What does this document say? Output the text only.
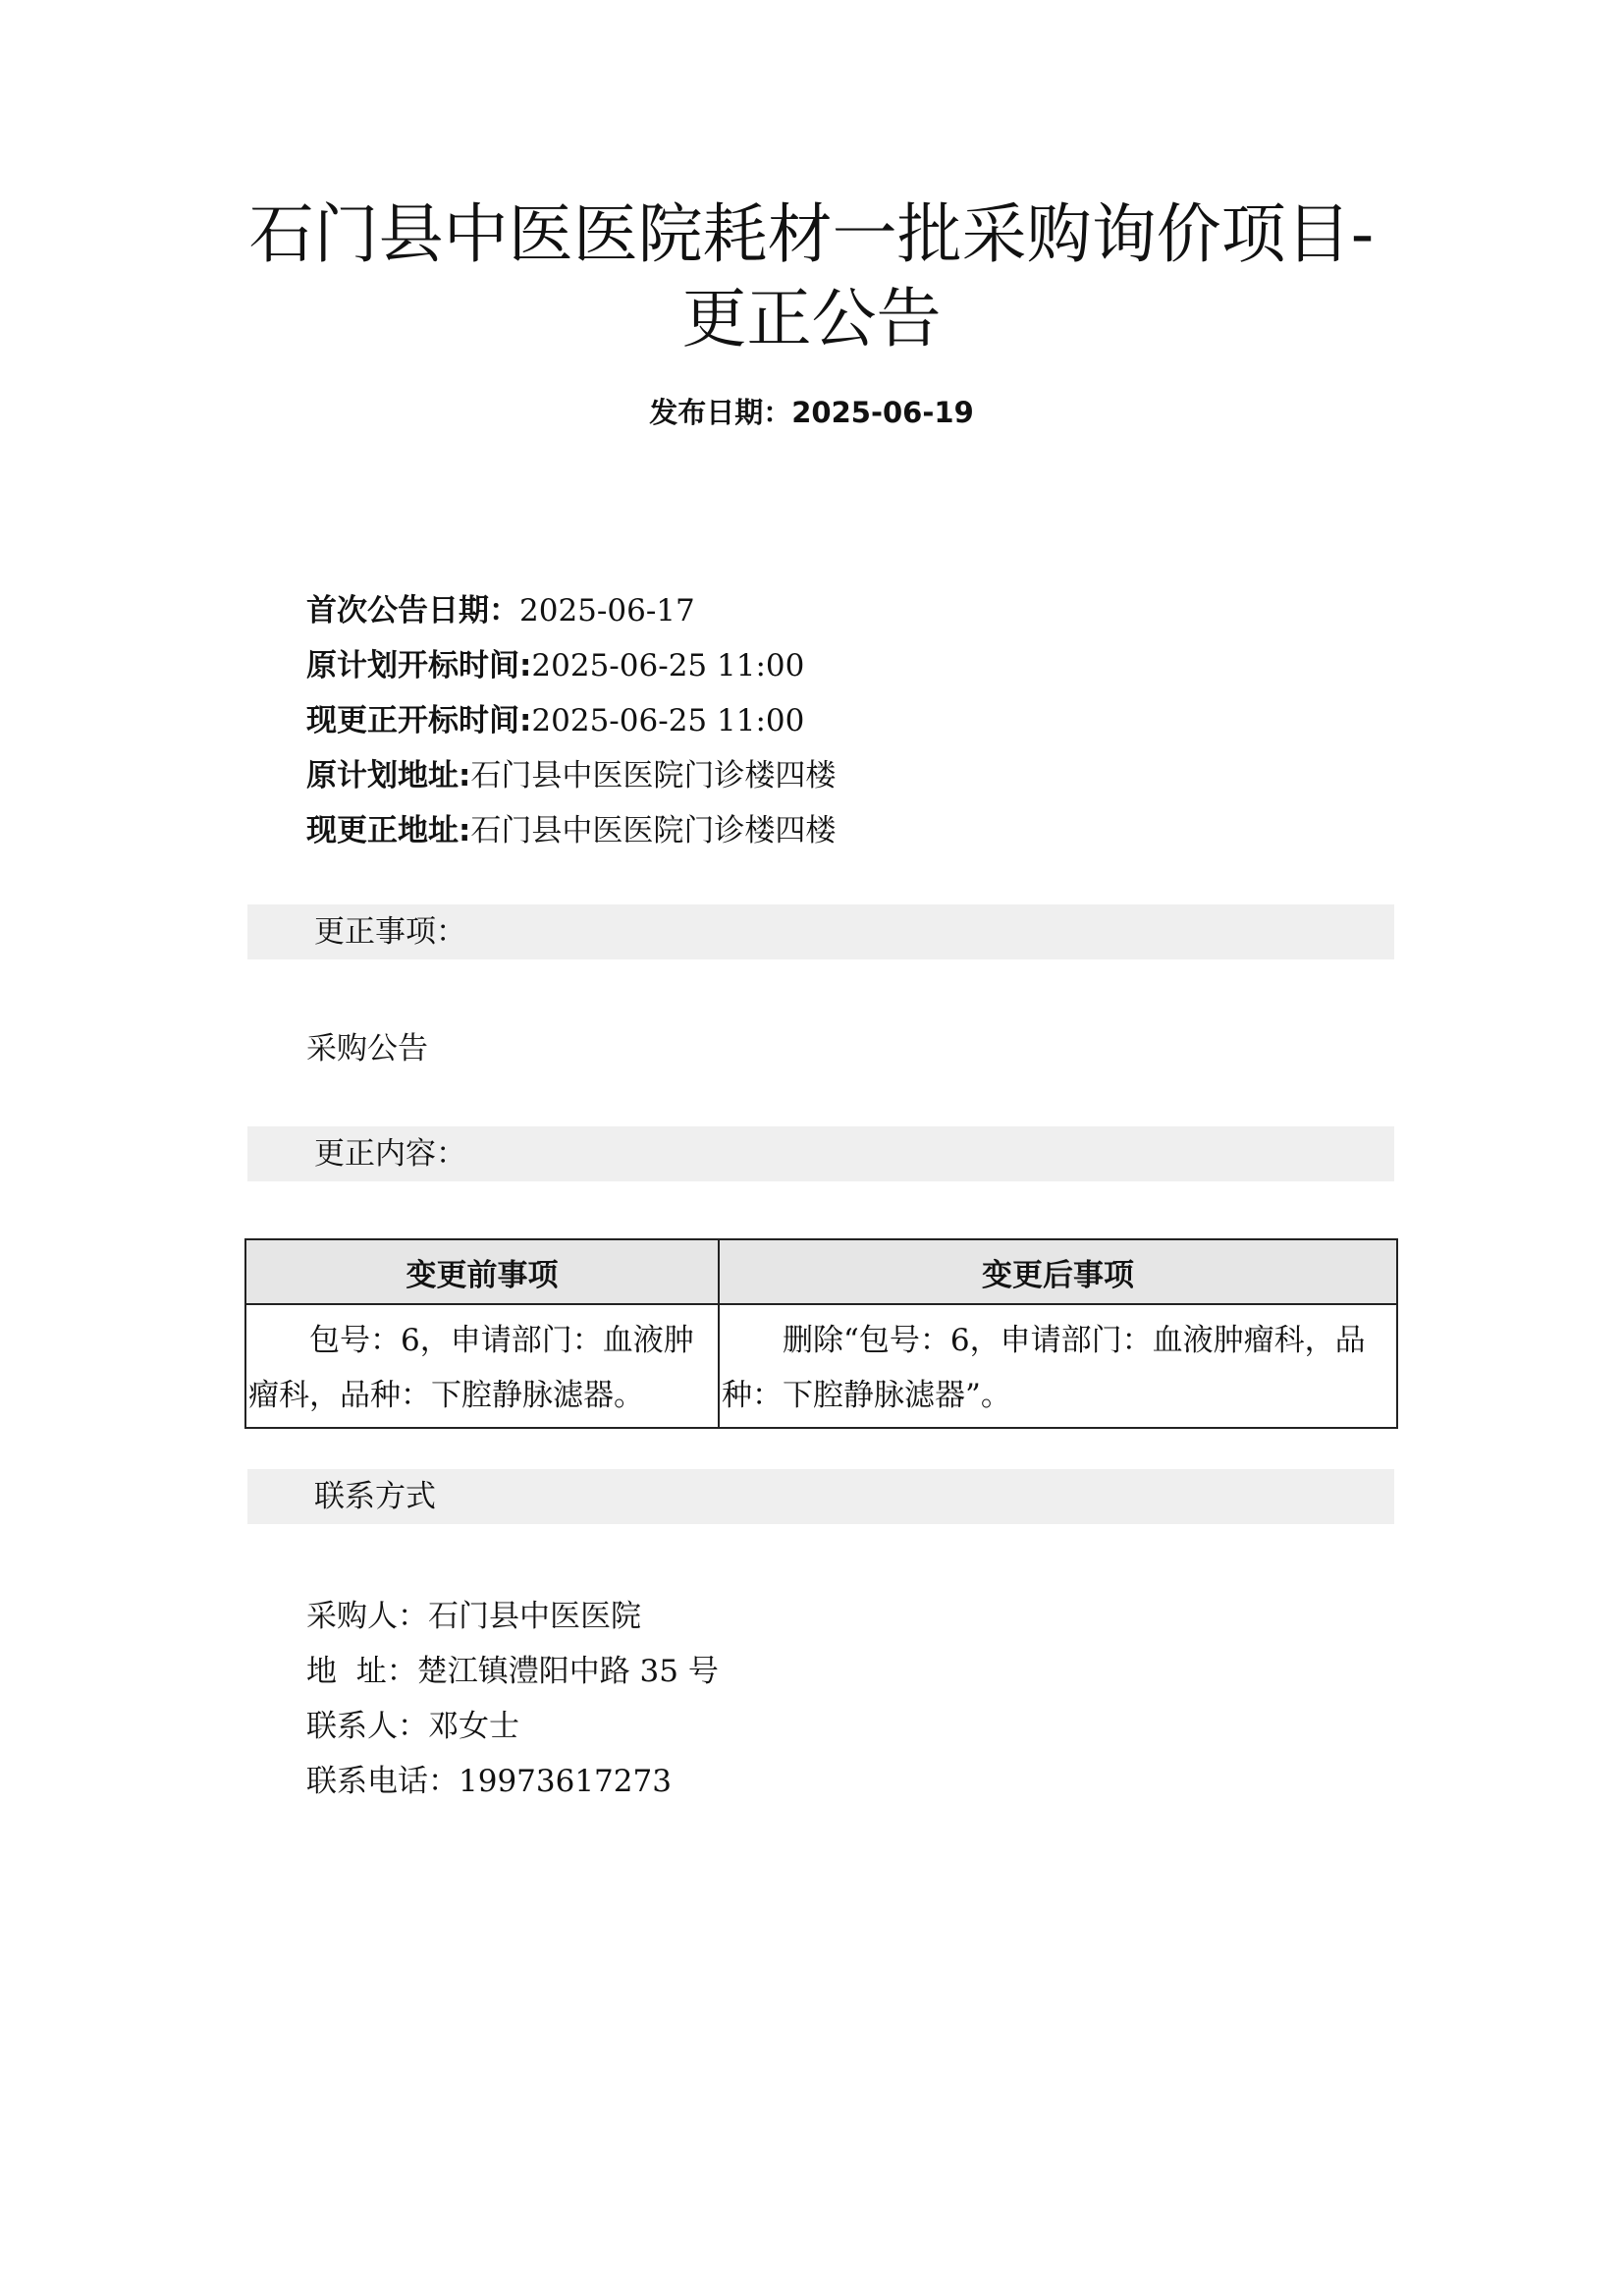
石门县中医医院耗材一批采购询价项目-
更正公告
发布日期：2025-06-19
首次公告日期：2025-06-17
原计划开标时间:2025-06-25 11:00
现更正开标时间:2025-06-25 11:00
原计划地址:石门县中医医院门诊楼四楼
现更正地址:石门县中医医院门诊楼四楼
更正事项：
采购公告
更正内容：
变更前事项	变更后事项
包号：6，申请部门：血液肿瘤科，品种：下腔静脉滤器。	删除“包号：6，申请部门：血液肿瘤科，品种：下腔静脉滤器”。
联系方式
采购人：石门县中医医院
地  址：楚江镇澧阳中路 35 号
联系人：邓女士
联系电话：19973617273
